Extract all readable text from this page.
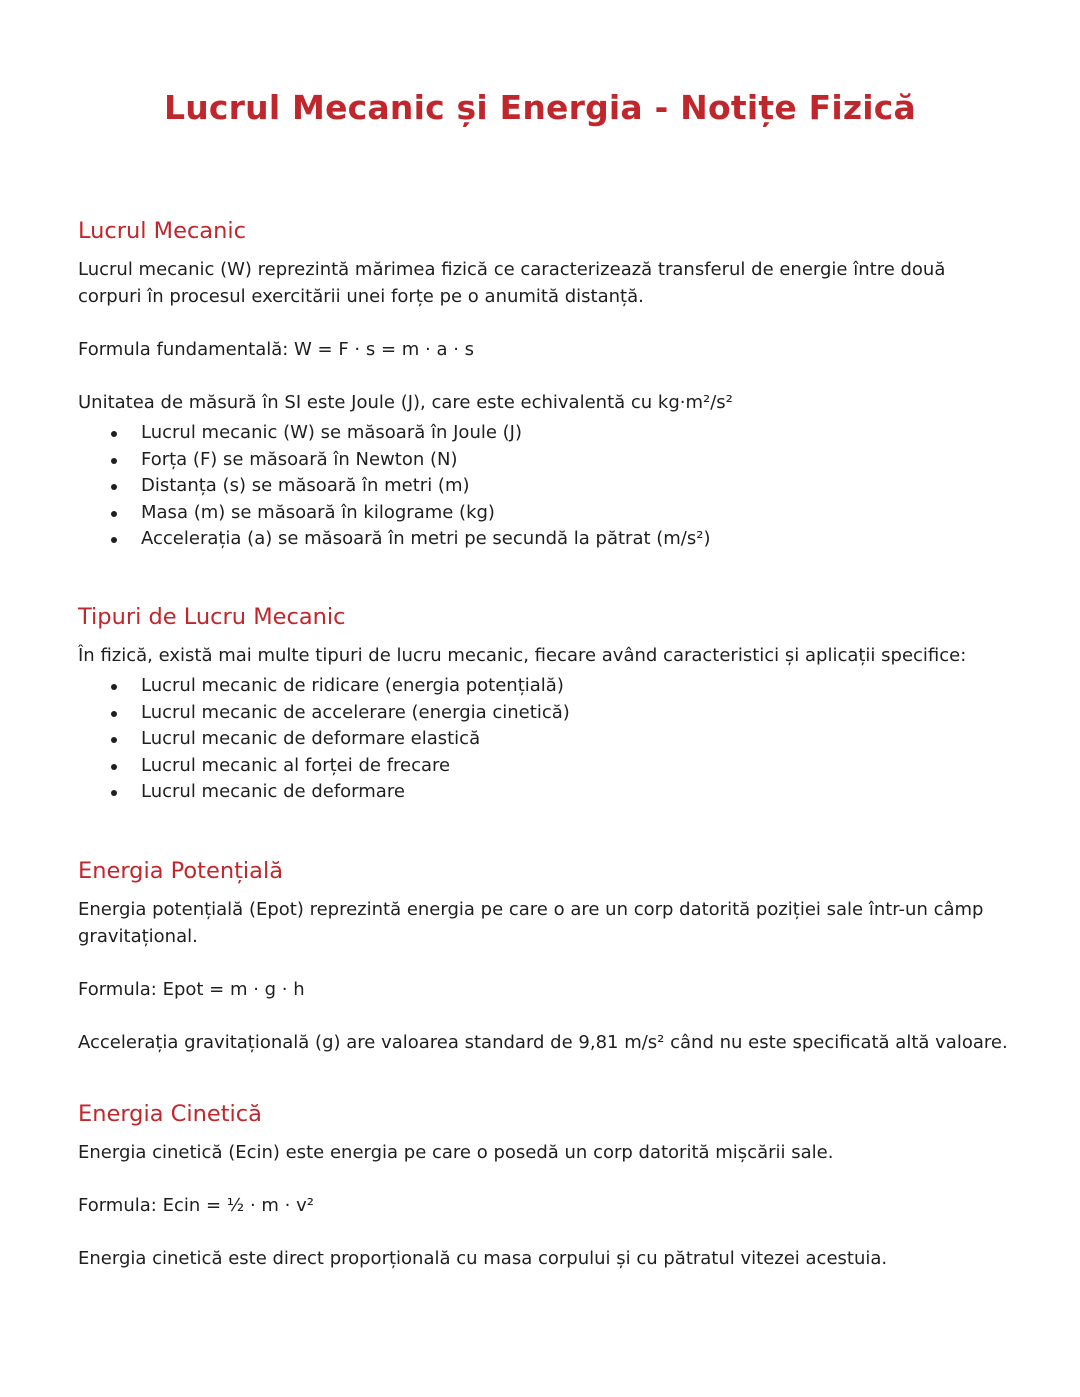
Lucrul Mecanic și Energia - Notițe Fizică
Lucrul Mecanic

Lucrul mecanic (W) reprezintă mărimea fizică ce caracterizează transferul de energie între două corpuri în procesul exercitării unei forțe pe o anumită distanță.

Formula fundamentală: W = F · s = m · a · s

Unitatea de măsură în SI este Joule (J), care este echivalentă cu kg·m²/s²

Lucrul mecanic (W) se măsoară în Joule (J)
Forța (F) se măsoară în Newton (N)
Distanța (s) se măsoară în metri (m)
Masa (m) se măsoară în kilograme (kg)
Accelerația (a) se măsoară în metri pe secundă la pătrat (m/s²)
Tipuri de Lucru Mecanic

În fizică, există mai multe tipuri de lucru mecanic, fiecare având caracteristici și aplicații specifice:

Lucrul mecanic de ridicare (energia potențială)
Lucrul mecanic de accelerare (energia cinetică)
Lucrul mecanic de deformare elastică
Lucrul mecanic al forței de frecare
Lucrul mecanic de deformare
Energia Potențială

Energia potențială (Epot) reprezintă energia pe care o are un corp datorită poziției sale într-un câmp gravitațional.

Formula: Epot = m · g · h

Accelerația gravitațională (g) are valoarea standard de 9,81 m/s² când nu este specificată altă valoare.

Energia Cinetică

Energia cinetică (Ecin) este energia pe care o posedă un corp datorită mișcării sale.

Formula: Ecin = ½ · m · v²

Energia cinetică este direct proporțională cu masa corpului și cu pătratul vitezei acestuia.
